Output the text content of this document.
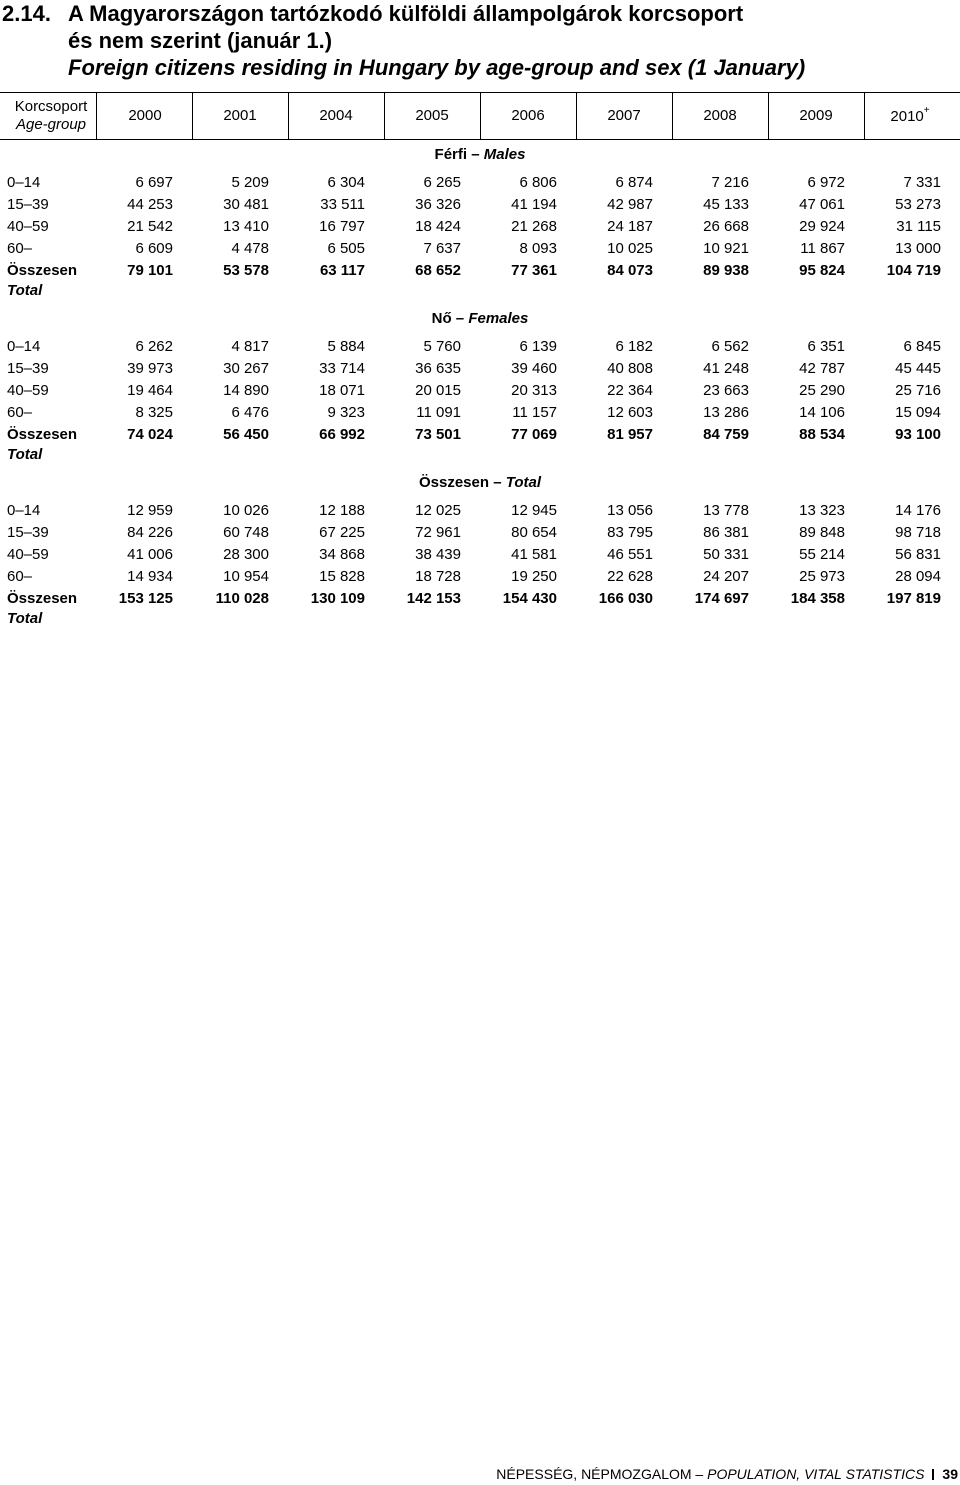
2.14. A Magyarországon tartózkodó külföldi állampolgárok korcsoport
és nem szerint (január 1.)
Foreign citizens residing in Hungary by age-group and sex (1 January)
Korcsoport
Age-group
2000	2001	2004	2005	2006	2007	2008	2009	2010+
Férfi – Males
0–14	6 697	5 209	6 304	6 265	6 806	6 874	7 216	6 972	7 331
15–39	44 253	30 481	33 511	36 326	41 194	42 987	45 133	47 061	53 273
40–59	21 542	13 410	16 797	18 424	21 268	24 187	26 668	29 924	31 115
60–	6 609	4 478	6 505	7 637	8 093	10 025	10 921	11 867	13 000
Összesen	79 101	53 578	63 117	68 652	77 361	84 073	89 938	95 824	104 719
Total
Nő – Females
0–14	6 262	4 817	5 884	5 760	6 139	6 182	6 562	6 351	6 845
15–39	39 973	30 267	33 714	36 635	39 460	40 808	41 248	42 787	45 445
40–59	19 464	14 890	18 071	20 015	20 313	22 364	23 663	25 290	25 716
60–	8 325	6 476	9 323	11 091	11 157	12 603	13 286	14 106	15 094
Összesen	74 024	56 450	66 992	73 501	77 069	81 957	84 759	88 534	93 100
Total
Összesen – Total
0–14	12 959	10 026	12 188	12 025	12 945	13 056	13 778	13 323	14 176
15–39	84 226	60 748	67 225	72 961	80 654	83 795	86 381	89 848	98 718
40–59	41 006	28 300	34 868	38 439	41 581	46 551	50 331	55 214	56 831
60–	14 934	10 954	15 828	18 728	19 250	22 628	24 207	25 973	28 094
Összesen	153 125	110 028	130 109	142 153	154 430	166 030	174 697	184 358	197 819
Total
NÉPESSÉG, NÉPMOZGALOM – POPULATION, VITAL STATISTICS 39
